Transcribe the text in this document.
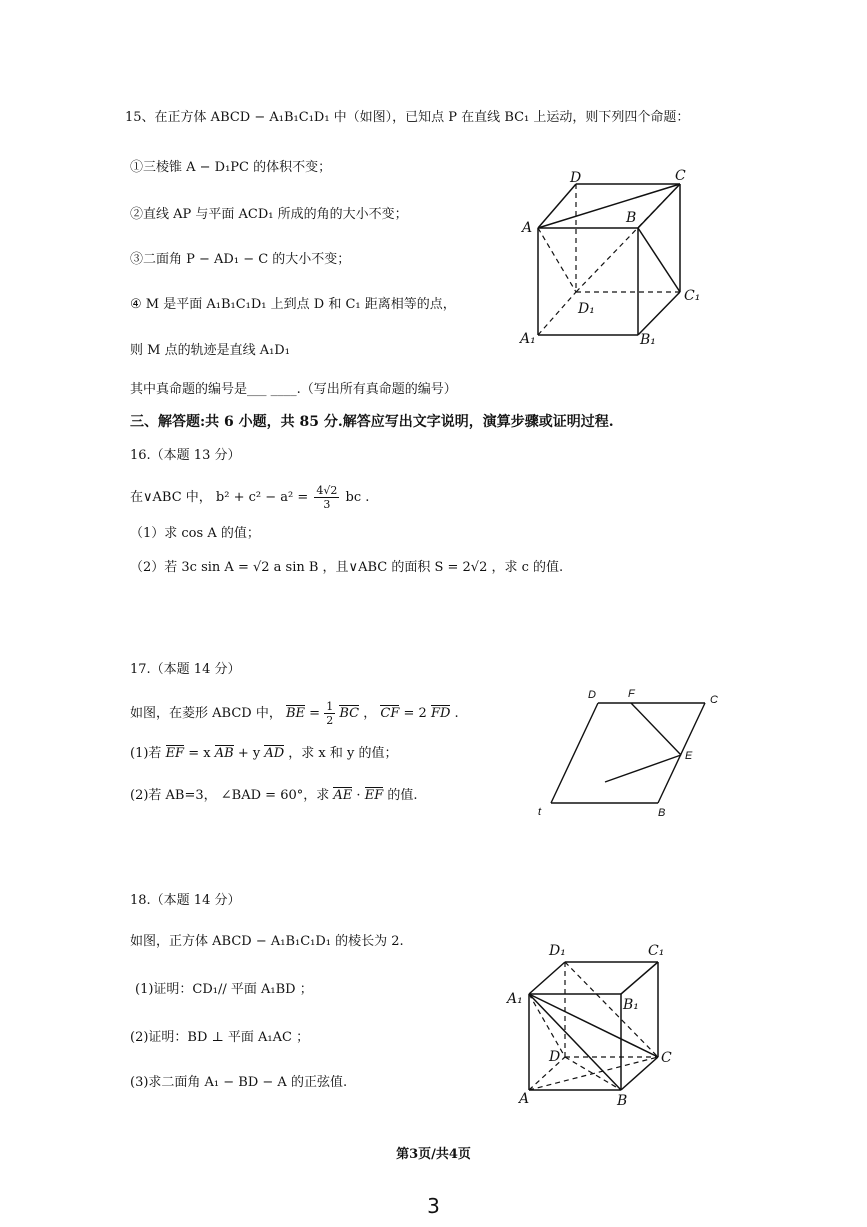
15、在正方体 ABCD − A₁B₁C₁D₁ 中（如图），已知点 P 在直线 BC₁ 上运动，则下列四个命题：
①三棱锥 A − D₁PC 的体积不变；
②直线 AP 与平面 ACD₁ 所成的角的大小不变；
③二面角 P − AD₁ − C 的大小不变；
④ M 是平面 A₁B₁C₁D₁ 上到点 D 和 C₁ 距离相等的点，
则 M 点的轨迹是直线 A₁D₁
其中真命题的编号是___ ____.（写出所有真命题的编号）
D	C
A
B
D₁
C₁
A₁	B₁
三、解答题:共 6 小题，共 85 分.解答应写出文字说明，演算步骤或证明过程.
16.（本题 13 分）
在∨ABC 中， $b^2 + c^2 - a^2 = \frac{4√2}{3}$ bc .
（1）求 cos A 的值；
（2）若 3c sin A = √2 a sin B ，且∨ABC 的面积 S = 2√2 ，求 c 的值.
17.（本题 14 分）
如图，在菱形 ABCD 中， BE = $\frac{1}{2}$ BC ， CF = 2 FD .
(1)若 EF = x AB + y AD ，求 x 和 y 的值；
(2)若 AB=3， ∠BAD = 60°，求 AE · EF 的值.
D	F	C
E
t	B
18.（本题 14 分）
如图，正方体 ABCD − A₁B₁C₁D₁ 的棱长为 2.
(1)证明：CD₁// 平面 A₁BD ；
(2)证明：BD ⊥ 平面 A₁AC ；
(3)求二面角 A₁ − BD − A 的正弦值.
D₁	C₁
A₁	B₁
D	C
A	B
第3页/共4页
3
